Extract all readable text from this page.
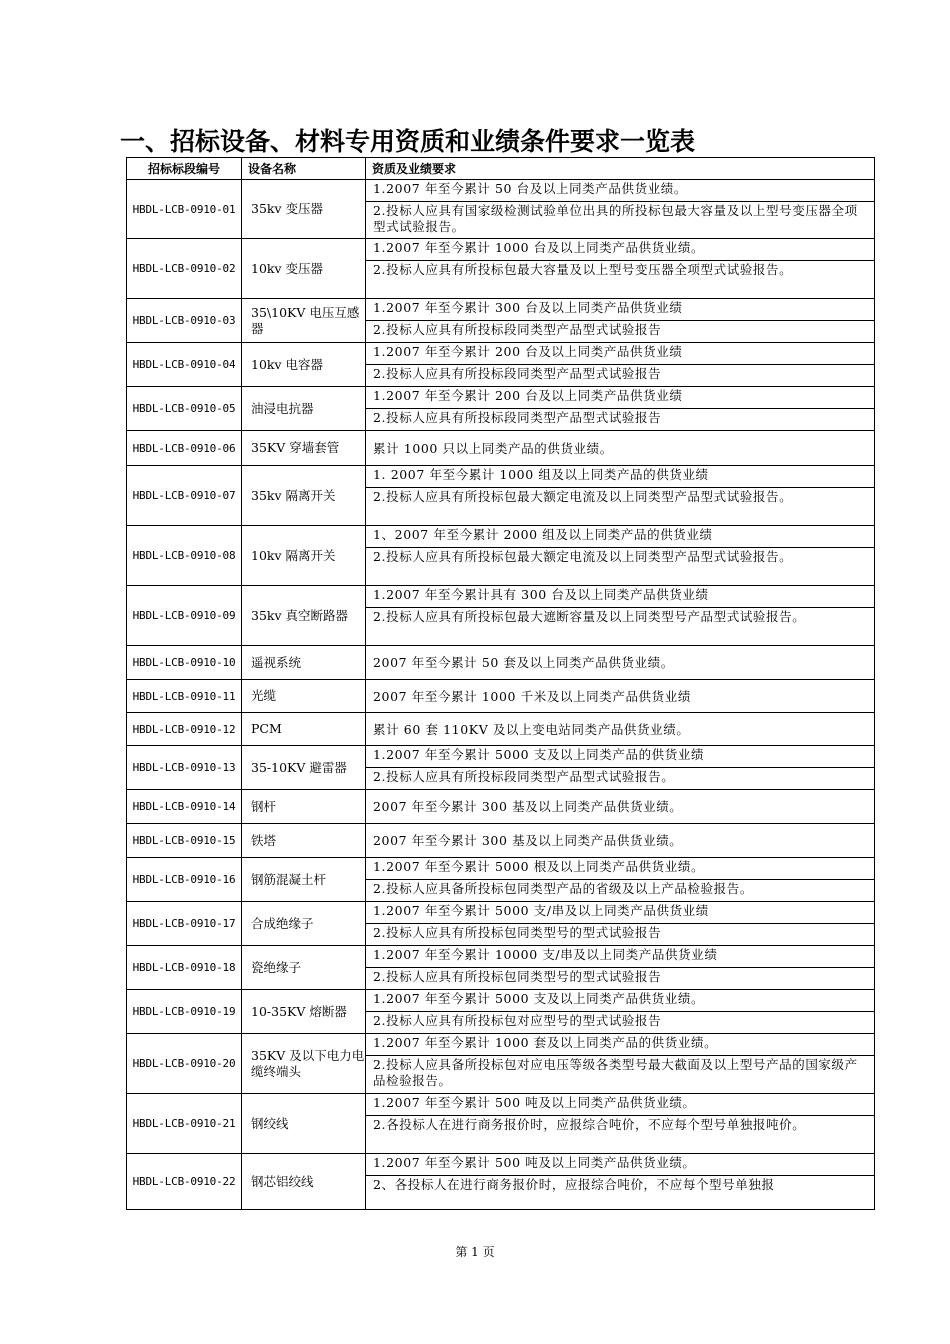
一、招标设备、材料专用资质和业绩条件要求一览表
招标标段编号	设备名称	资质及业绩要求
HBDL-LCB-0910-01	35kv 变压器	1.2007 年至今累计 50 台及以上同类产品供货业绩。
		2.投标人应具有国家级检测试验单位出具的所投标包最大容量及以上型号变压器全项型式试验报告。
HBDL-LCB-0910-02	10kv 变压器	1.2007 年至今累计 1000 台及以上同类产品供货业绩。
		2.投标人应具有所投标包最大容量及以上型号变压器全项型式试验报告。
HBDL-LCB-0910-03	35\10KV 电压互感器	1.2007 年至今累计 300 台及以上同类产品供货业绩
		2.投标人应具有所投标段同类型产品型式试验报告
HBDL-LCB-0910-04	10kv 电容器	1.2007 年至今累计 200 台及以上同类产品供货业绩
		2.投标人应具有所投标段同类型产品型式试验报告
HBDL-LCB-0910-05	油浸电抗器	1.2007 年至今累计 200 台及以上同类产品供货业绩
		2.投标人应具有所投标段同类型产品型式试验报告
HBDL-LCB-0910-06	35KV 穿墙套管	累计 1000 只以上同类产品的供货业绩。
HBDL-LCB-0910-07	35kv 隔离开关	1. 2007 年至今累计 1000 组及以上同类产品的供货业绩
		2.投标人应具有所投标包最大额定电流及以上同类型产品型式试验报告。
HBDL-LCB-0910-08	10kv 隔离开关	1、2007 年至今累计 2000 组及以上同类产品的供货业绩
		2.投标人应具有所投标包最大额定电流及以上同类型产品型式试验报告。
HBDL-LCB-0910-09	35kv 真空断路器	1.2007 年至今累计具有 300 台及以上同类产品供货业绩
		2.投标人应具有所投标包最大遮断容量及以上同类型号产品型式试验报告。
HBDL-LCB-0910-10	遥视系统	2007 年至今累计 50 套及以上同类产品供货业绩。
HBDL-LCB-0910-11	光缆	2007 年至今累计 1000 千米及以上同类产品供货业绩
HBDL-LCB-0910-12	PCM	累计 60 套 110KV 及以上变电站同类产品供货业绩。
HBDL-LCB-0910-13	35-10KV 避雷器	1.2007 年至今累计 5000 支及以上同类产品的供货业绩
		2.投标人应具有所投标段同类型产品型式试验报告。
HBDL-LCB-0910-14	钢杆	2007 年至今累计 300 基及以上同类产品供货业绩。
HBDL-LCB-0910-15	铁塔	2007 年至今累计 300 基及以上同类产品供货业绩。
HBDL-LCB-0910-16	钢筋混凝土杆	1.2007 年至今累计 5000 根及以上同类产品供货业绩。
		2.投标人应具备所投标包同类型产品的省级及以上产品检验报告。
HBDL-LCB-0910-17	合成绝缘子	1.2007 年至今累计 5000 支/串及以上同类产品供货业绩
		2.投标人应具有所投标包同类型号的型式试验报告
HBDL-LCB-0910-18	瓷绝缘子	1.2007 年至今累计 10000 支/串及以上同类产品供货业绩
		2.投标人应具有所投标包同类型号的型式试验报告
HBDL-LCB-0910-19	10-35KV 熔断器	1.2007 年至今累计 5000 支及以上同类产品供货业绩。
		2.投标人应具有所投标包对应型号的型式试验报告
HBDL-LCB-0910-20	35KV 及以下电力电缆终端头	1.2007 年至今累计 1000 套及以上同类产品的供货业绩。
		2.投标人应具备所投标包对应电压等级各类型号最大截面及以上型号产品的国家级产品检验报告。
HBDL-LCB-0910-21	钢绞线	1.2007 年至今累计 500 吨及以上同类产品供货业绩。
		2.各投标人在进行商务报价时，应报综合吨价，不应每个型号单独报吨价。
HBDL-LCB-0910-22	钢芯铝绞线	1.2007 年至今累计 500 吨及以上同类产品供货业绩。
		2、各投标人在进行商务报价时，应报综合吨价，不应每个型号单独报

第 1 页
